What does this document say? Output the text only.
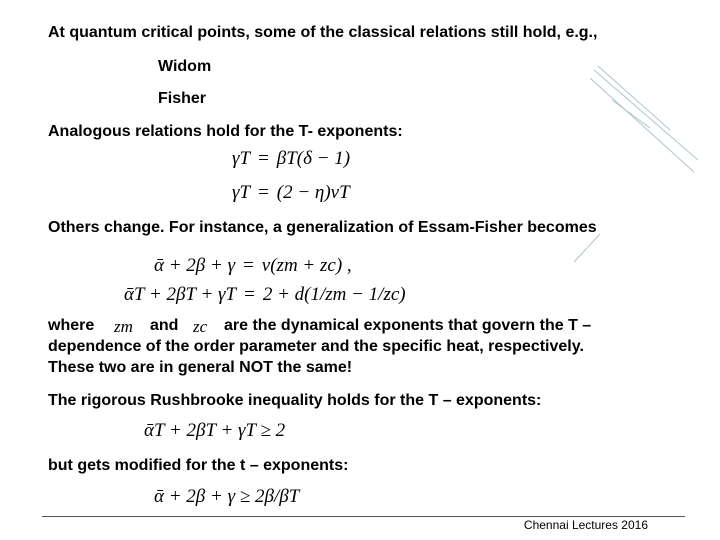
At quantum critical points, some of the classical relations still hold, e.g.,
Widom
Fisher
Analogous relations hold for the T- exponents:
γT = βT(δ − 1)
γT = (2 − η)νT
Others change. For instance, a generalization of Essam-Fisher becomes
ᾱ + 2β + γ = ν(zm + zc) ,
ᾱT + 2βT + γT = 2 + d(1/zm − 1/zc)
where zm and zc are the dynamical exponents that govern the T –
dependence of the order parameter and the specific heat, respectively.
These two are in general NOT the same!
The rigorous Rushbrooke inequality holds for the T – exponents:
ᾱT + 2βT + γT ≥ 2
but gets modified for the t – exponents:
ᾱ + 2β + γ ≥ 2β/βT
Chennai Lectures 2016
